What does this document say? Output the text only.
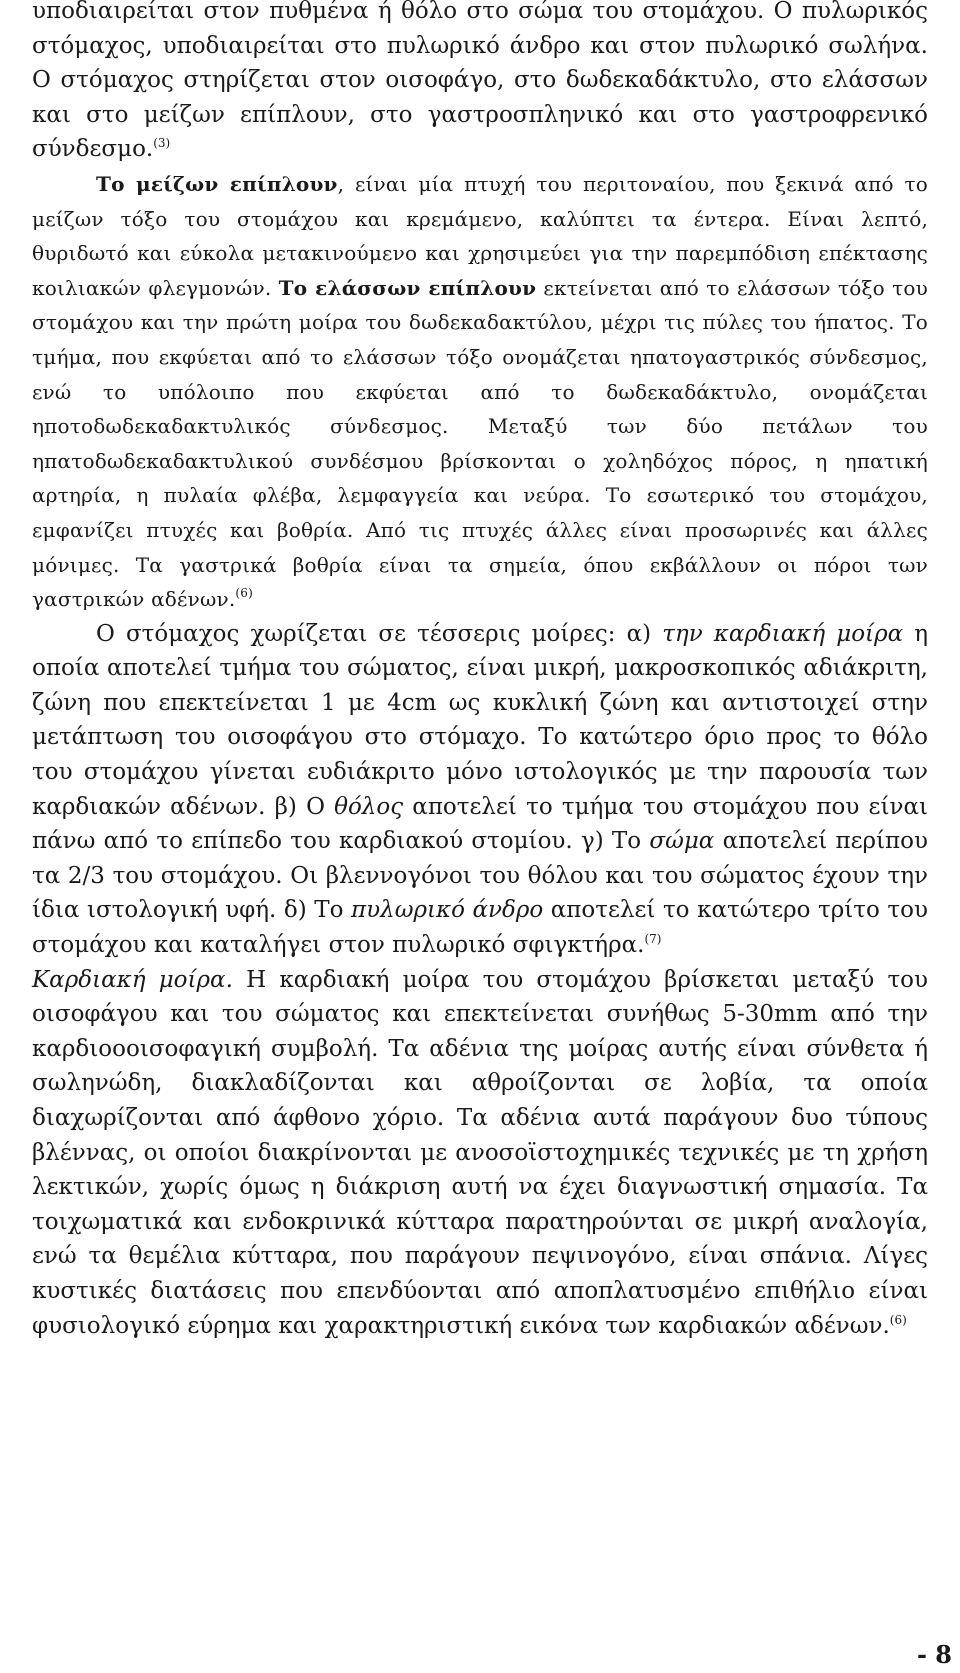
υποδιαιρείται στον πυθμένα ή θόλο στο σώμα του στομάχου. Ο πυλωρικός στόμαχος, υποδιαιρείται στο πυλωρικό άνδρο και στον πυλωρικό σωλήνα. Ο στόμαχος στηρίζεται στον οισοφάγο, στο δωδεκαδάκτυλο, στο ελάσσων και στο μείζων επίπλουν, στο γαστροσπληνικό και στο γαστροφρενικό σύνδεσμο.$^{(3)}$

Το μείζων επίπλουν, είναι μία πτυχή του περιτοναίου, που ξεκινά από το μείζων τόξο του στομάχου και κρεμάμενο, καλύπτει τα έντερα. Είναι λεπτό, θυριδωτό και εύκολα μετακινούμενο και χρησιμεύει για την παρεμπόδιση επέκτασης κοιλιακών φλεγμονών. Το ελάσσων επίπλουν εκτείνεται από το ελάσσων τόξο του στομάχου και την πρώτη μοίρα του δωδεκαδακτύλου, μέχρι τις πύλες του ήπατος. Το τμήμα, που εκφύεται από το ελάσσων τόξο ονομάζεται ηπατογαστρικός σύνδεσμος, ενώ το υπόλοιπο που εκφύεται από το δωδεκαδάκτυλο, ονομάζεται ηποτοδωδεκαδακτυλικός σύνδεσμος. Μεταξύ των δύο πετάλων του ηπατοδωδεκαδακτυλικού συνδέσμου βρίσκονται ο χοληδόχος πόρος, η ηπατική αρτηρία, η πυλαία φλέβα, λεμφαγγεία και νεύρα. Το εσωτερικό του στομάχου, εμφανίζει πτυχές και βοθρία. Από τις πτυχές άλλες είναι προσωρινές και άλλες μόνιμες. Τα γαστρικά βοθρία είναι τα σημεία, όπου εκβάλλουν οι πόροι των γαστρικών αδένων.$^{(6)}$

Ο στόμαχος χωρίζεται σε τέσσερις μοίρες: α) την καρδιακή μοίρα η οποία αποτελεί τμήμα του σώματος, είναι μικρή, μακροσκοπικός αδιάκριτη, ζώνη που επεκτείνεται 1 με 4cm ως κυκλική ζώνη και αντιστοιχεί στην μετάπτωση του οισοφάγου στο στόμαχο. Το κατώτερο όριο προς το θόλο του στομάχου γίνεται ευδιάκριτο μόνο ιστολογικός με την παρουσία των καρδιακών αδένων. β) Ο θόλος αποτελεί το τμήμα του στομάχου που είναι πάνω από το επίπεδο του καρδιακού στομίου. γ) Το σώμα αποτελεί περίπου τα 2/3 του στομάχου. Οι βλεννογόνοι του θόλου και του σώματος έχουν την ίδια ιστολογική υφή. δ) Το πυλωρικό άνδρο αποτελεί το κατώτερο τρίτο του στομάχου και καταλήγει στον πυλωρικό σφιγκτήρα.$^{(7)}$

Καρδιακή μοίρα. Η καρδιακή μοίρα του στομάχου βρίσκεται μεταξύ του οισοφάγου και του σώματος και επεκτείνεται συνήθως 5-30mm από την καρδιοοοισοφαγική συμβολή. Τα αδένια της μοίρας αυτής είναι σύνθετα ή σωληνώδη, διακλαδίζονται και αθροίζονται σε λοβία, τα οποία διαχωρίζονται από άφθονο χόριο. Τα αδένια αυτά παράγουν δυο τύπους βλέννας, οι οποίοι διακρίνονται με ανοσοϊστοχημικές τεχνικές με τη χρήση λεκτικών, χωρίς όμως η διάκριση αυτή να έχει διαγνωστική σημασία. Τα τοιχωματικά και ενδοκρινικά κύτταρα παρατηρούνται σε μικρή αναλογία, ενώ τα θεμέλια κύτταρα, που παράγουν πεψινογόνο, είναι σπάνια. Λίγες κυστικές διατάσεις που επενδύονται από αποπλατυσμένο επιθήλιο είναι φυσιολογικό εύρημα και χαρακτηριστική εικόνα των καρδιακών αδένων.$^{(6)}$

- 8
